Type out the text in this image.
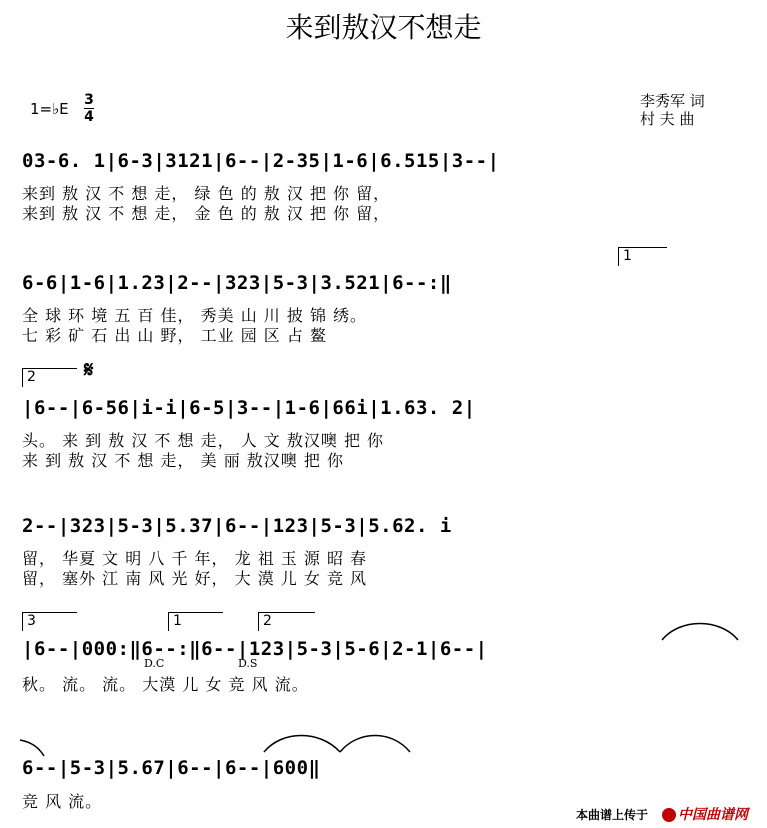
来到敖汉不想走
1=♭E 3
4
李秀军 词
村 夫 曲
03-6. 1|6-3|3121|6--|2-35|1-6|6.515|3--|
来到 敖 汉 不 想 走， 绿 色 的 敖 汉 把 你 留，
来到 敖 汉 不 想 走， 金 色 的 敖 汉 把 你 留，
1
6-6|1-6|1.23|2--|323|5-3|3.521|6--:‖
全 球 环 境 五 百 佳， 秀美 山 川 披 锦 绣。
七 彩 矿 石 出 山 野， 工业 园 区 占 鳌
2 𝄋
|6--|6-56|i-i|6-5|3--|1-6|66i|1.63. 2|
头。 来 到 敖 汉 不 想 走， 人 文 敖汉噢 把 你
来 到 敖 汉 不 想 走， 美 丽 敖汉噢 把 你
2--|323|5-3|5.37|6--|123|5-3|5.62. i
留， 华夏 文 明 八 千 年， 龙 祖 玉 源 昭 春
留， 塞外 江 南 风 光 好， 大 漠 儿 女 竞 风
3	1	2
|6--|000:‖6--:‖6--|123|5-3|5-6|2-1|6--|
D.C	D.S
秋。 流。 流。 大漠 儿 女 竞 风 流。
6--|5-3|5.67|6--|6--|600‖
竞 风 流。
本曲谱上传于	中国曲谱网
